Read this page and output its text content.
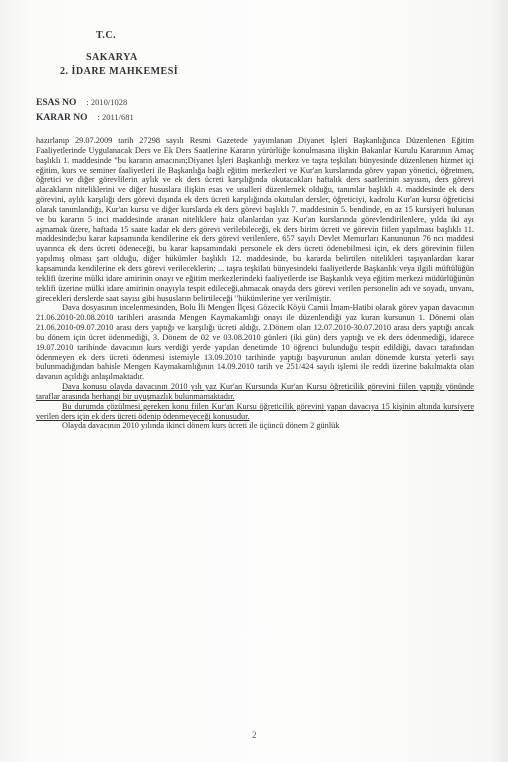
T.C.
SAKARYA
2. İDARE MAHKEMESİ
ESAS NO : 2010/1028
KARAR NO : 2011/681

hazırlanıp 29.07.2009 tarih 27298 sayılı Resmi Gazetede yayımlanan Diyanet İşleri Başkanlığınca Düzenlenen Eğitim Faaliyetlerinde Uygulanacak Ders ve Ek Ders Saatlerine Kararın yürürlüğe konulmasına ilişkin Bakanlar Kurulu Kararının Amaç başlıklı 1. maddesinde "bu kararın amacının;Diyanet İşleri Başkanlığı merkez ve taşra teşkilatı bünyesinde düzenlenen hizmet içi eğitim, kurs ve seminer faaliyetleri ile Başkanlığa bağlı eğitim merkezleri ve Kur'an kurslarında görev yapan yönetici, öğretmen, öğretici ve diğer görevlilerin aylık ve ek ders ücreti karşılığında okutacakları haftalık ders saatlerinin sayısını, ders görevi alacakların niteliklerini ve diğer hususlara ilişkin esas ve usulleri düzenlemek olduğu, tanımlar başlıklı 4. maddesinde ek ders görevini, aylık karşılığı ders görevi dışında ek ders ücreti karşılığında okutulan dersler, öğreticiyi, kadrolu Kur'an kursu öğreticisi olarak tanımlandığı, Kur'an kursu ve diğer kurslarda ek ders görevi başlıklı 7. maddesinin 5. bendinde, en az 15 kursiyeri bulunan ve bu kararın 5 inci maddesinde aranan niteliklere haiz olanlardan yaz Kur'an kurslarında görevlendirilenlere, yılda iki ayı aşmamak üzere, haftada 15 saate kadar ek ders görevi verilebileceği, ek ders birim ücreti ve görevin fiilen yapılması başlıklı 11. maddesinde;bu karar kapsamında kendilerine ek ders görevi verilenlere, 657 sayılı Devlet Memurları Kanununun 76 ncı maddesi uyarınca ek ders ücreti ödeneceği, bu karar kapsamındaki personele ek ders ücreti ödenebilmesi için, ek ders görevinin fiilen yapılmış olması şart olduğu, diğer hükümler başlıklı 12. maddesinde, bu kararda belirtilen nitelikleri taşıyanlardan karar kapsamında kendilerine ek ders görevi verileceklerin; ... taşra teşkilatı bünyesindeki faaliyetlerde Başkanlık veya ilgili müftülüğün teklifi üzerine mülki idare amirinin onayı ve eğitim merkezlerindeki faaliyetlerde ise Başkanlık veya eğitim merkezi müdürlüğünün teklifi üzerine mülki idare amirinin onayıyla tespit edileceği,ahmacak onayda ders görevi verilen personelin adı ve soyadı, unvanı, girecekleri derslerde saat sayısı gibi hususların belirtileceği "hükümlerine yer verilmiştir.

Dava dosyasının incelenmesinden, Bolu İli Mengen İlçesi Gözecik Köyü Camii İmam-Hatibi olarak görev yapan davacının 21.06.2010-20.08.2010 tarihleri arasında Mengen Kaymakamlığı onayı ile düzenlendiği yaz kuran kursunun 1. Dönemi olan 21.06.2010-09.07.2010 arası ders yaptığı ve karşılığı ücreti aldığı, 2.Dönem olan 12.07.2010-30.07.2010 arası ders yaptığı ancak bu dönem için ücret ödenmediği, 3. Dönem de 02 ve 03.08.2010 günleri (iki gün) ders yaptığı ve ek ders ödenmediği, idarece 19.07.2010 tarihinde davacının kurs verdiği yerde yapılan denetimde 10 öğrenci bulunduğu tespit edildiği, davacı tarafından ödenmeyen ek ders ücreti ödenmesi istemiyle 13.09.2010 tarihinde yaptığı başvurunun anılan dönemde kursta yeterli sayı bulunmadığından bahisle Mengen Kaymakamlığının 14.09.2010 tarih ve 251/424 sayılı işlemi ile reddi üzerine bakılmakta olan davanın açıldığı anlaşılmaktadır.

Dava konusu olayda davacının 2010 yılı yaz Kur'an Kursunda Kur'an Kursu öğreticilik görevini fiilen yaptığı yönünde taraflar arasında herhangi bir uyuşmazlık bulunmamaktadır.

Bu durumda çözülmesi gereken konu fiilen Kur'an Kursu öğreticilik görevini yapan davacıya 15 kişinin altında kursiyere verilen ders için ek ders ücreti ödenip ödenmeyeceği konusudur.

Olayda davacının 2010 yılında ikinci dönem kurs ücreti ile üçüncü dönem 2 günlük

2
